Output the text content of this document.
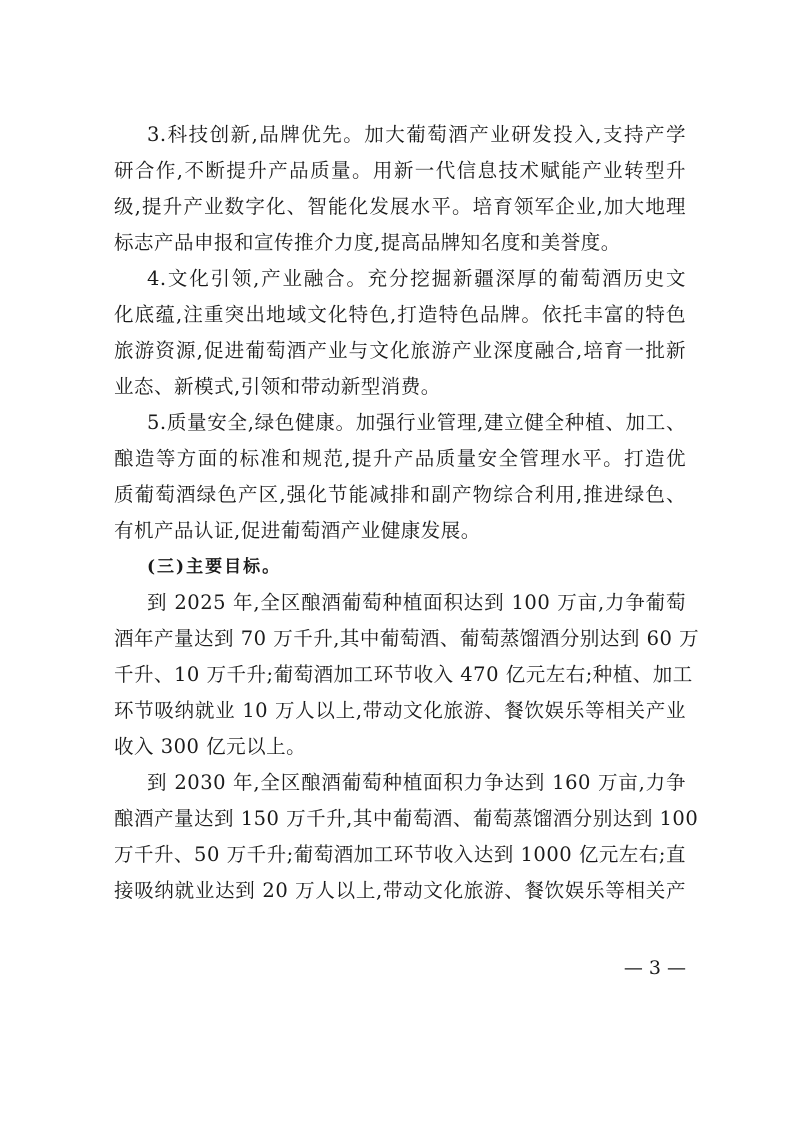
3.科技创新,品牌优先。加大葡萄酒产业研发投入,支持产学
研合作,不断提升产品质量。用新一代信息技术赋能产业转型升
级,提升产业数字化、智能化发展水平。培育领军企业,加大地理
标志产品申报和宣传推介力度,提高品牌知名度和美誉度。
4.文化引领,产业融合。充分挖掘新疆深厚的葡萄酒历史文
化底蕴,注重突出地域文化特色,打造特色品牌。依托丰富的特色
旅游资源,促进葡萄酒产业与文化旅游产业深度融合,培育一批新
业态、新模式,引领和带动新型消费。
5.质量安全,绿色健康。加强行业管理,建立健全种植、加工、
酿造等方面的标准和规范,提升产品质量安全管理水平。打造优
质葡萄酒绿色产区,强化节能减排和副产物综合利用,推进绿色、
有机产品认证,促进葡萄酒产业健康发展。
(三)主要目标。
到 2025 年,全区酿酒葡萄种植面积达到 100 万亩,力争葡萄
酒年产量达到 70 万千升,其中葡萄酒、葡萄蒸馏酒分别达到 60 万
千升、10 万千升;葡萄酒加工环节收入 470 亿元左右;种植、加工
环节吸纳就业 10 万人以上,带动文化旅游、餐饮娱乐等相关产业
收入 300 亿元以上。
到 2030 年,全区酿酒葡萄种植面积力争达到 160 万亩,力争
酿酒产量达到 150 万千升,其中葡萄酒、葡萄蒸馏酒分别达到 100
万千升、50 万千升;葡萄酒加工环节收入达到 1000 亿元左右;直
接吸纳就业达到 20 万人以上,带动文化旅游、餐饮娱乐等相关产
— 3 —
